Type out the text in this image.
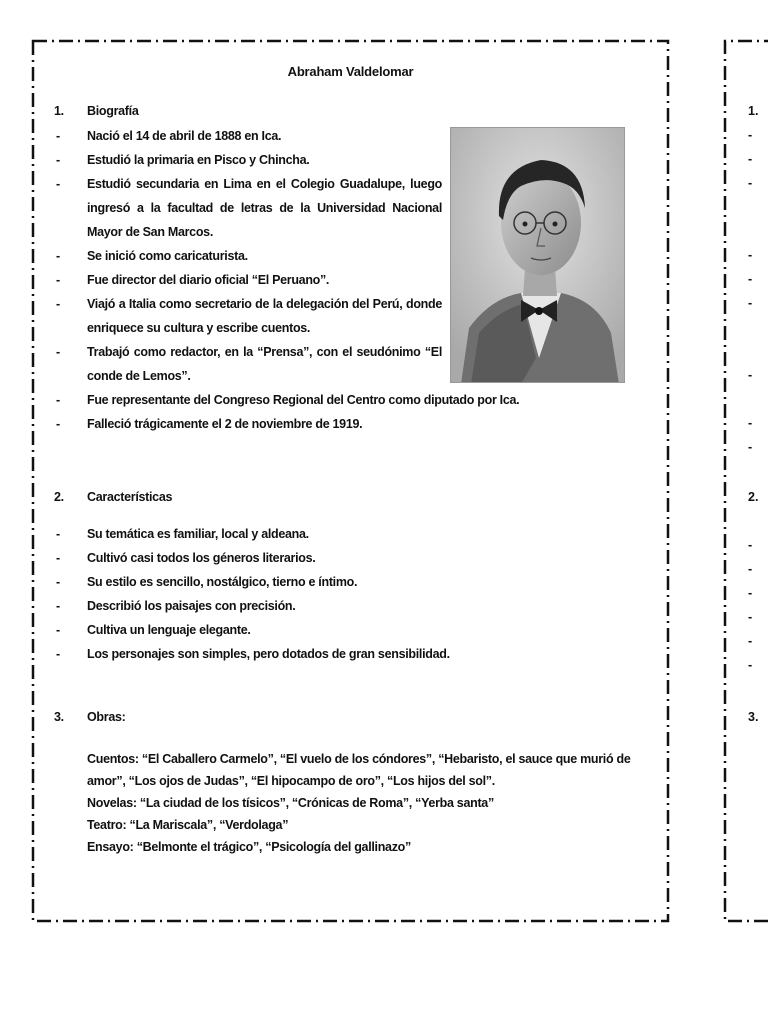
Abraham Valdelomar
1. Biografía
- Nació el 14 de abril de 1888 en Ica.
- Estudió la primaria en Pisco y Chincha.
- Estudió secundaria en Lima en el Colegio Guadalupe, luego ingresó a la facultad de letras de la Universidad Nacional Mayor de San Marcos.
- Se inició como caricaturista.
- Fue director del diario oficial “El Peruano”.
- Viajó a Italia como secretario de la delegación del Perú, donde enriquece su cultura y escribe cuentos.
- Trabajó como redactor, en la “Prensa”, con el seudónimo “El conde de Lemos”.
- Fue representante del Congreso Regional del Centro como diputado por Ica.
- Falleció trágicamente el 2 de noviembre de 1919.
2. Características
- Su temática es familiar, local y aldeana.
- Cultivó casi todos los géneros literarios.
- Su estilo es sencillo, nostálgico, tierno e íntimo.
- Describió los paisajes con precisión.
- Cultiva un lenguaje elegante.
- Los personajes son simples, pero dotados de gran sensibilidad.
3. Obras:

Cuentos: “El Caballero Carmelo”, “El vuelo de los cóndores”, “Hebaristo, el sauce que murió de amor”, “Los ojos de Judas”, “El hipocampo de oro”, “Los hijos del sol”.

Novelas: “La ciudad de los tísicos”, “Crónicas de Roma”, “Yerba santa”

Teatro: “La Mariscala”, “Verdolaga”

Ensayo: “Belmonte el trágico”, “Psicología del gallinazo”

1.
-
-
-
-
-
-
-
-
-
2.
-
-
-
-
-
-
3.
